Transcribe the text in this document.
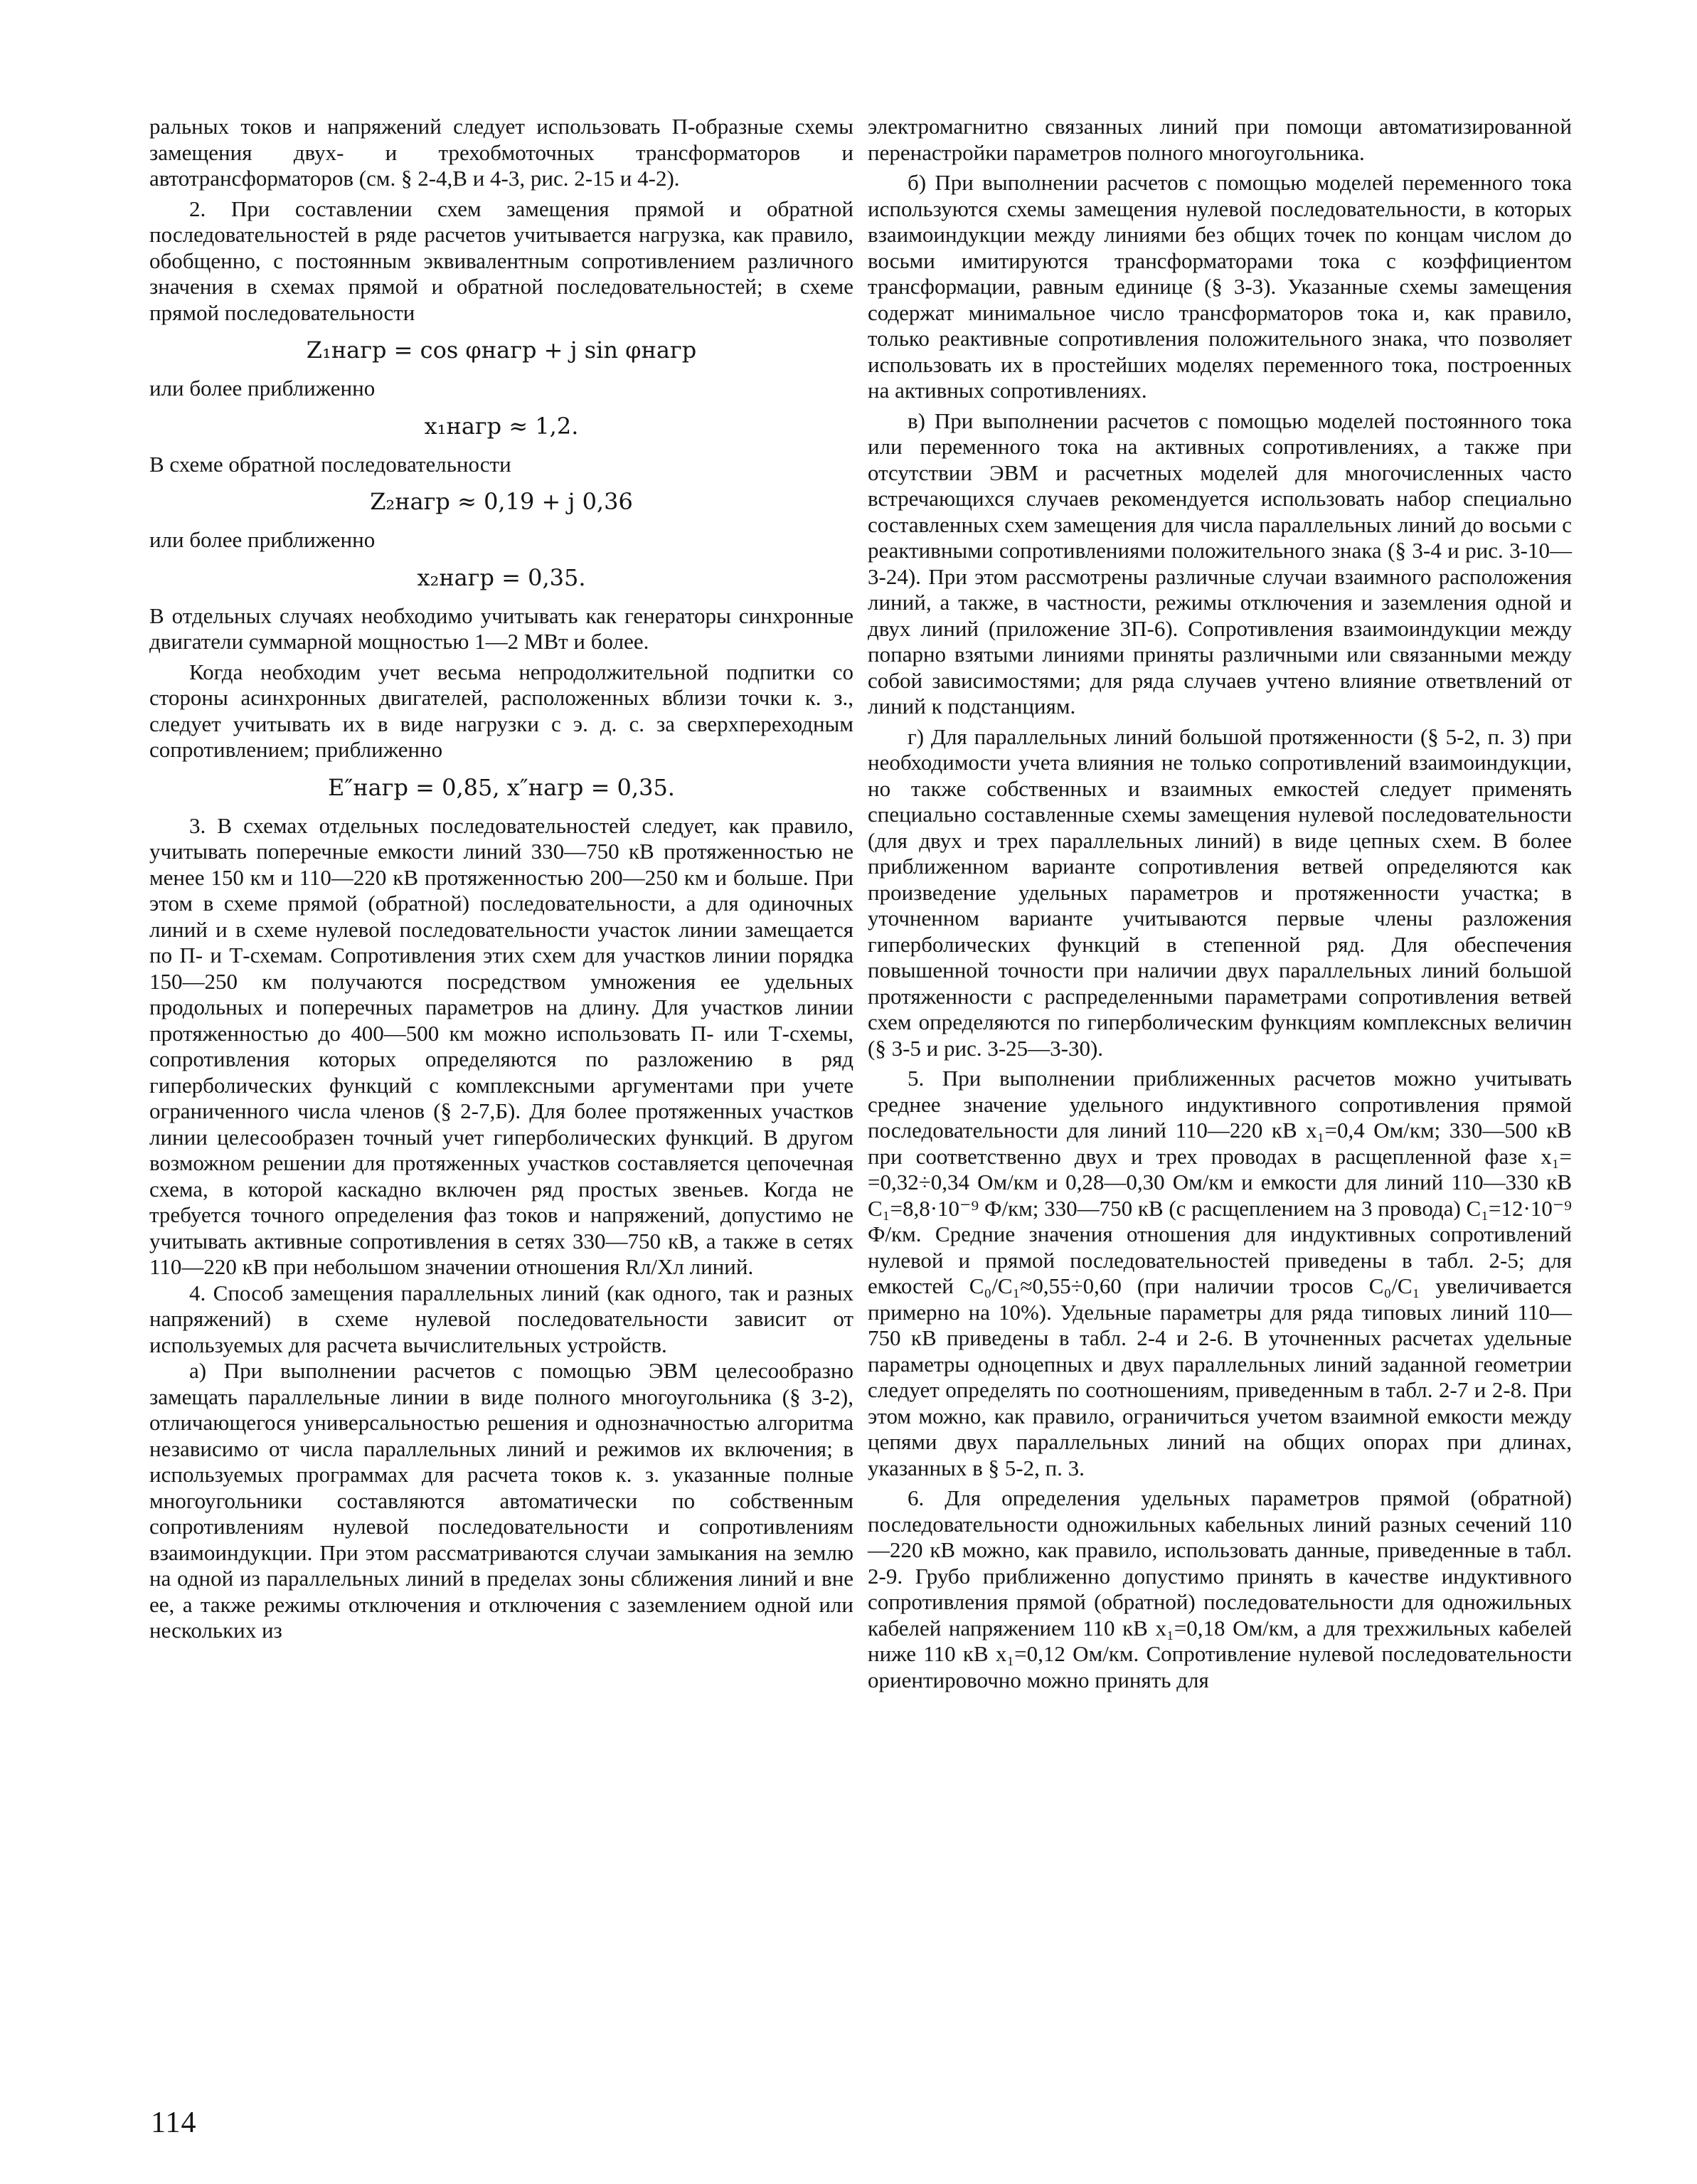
ральных токов и напряжений следует использовать П-образные схемы замещения двух- и трехобмоточных трансформаторов и автотрансформаторов (см. § 2-4,В и 4-3, рис. 2-15 и 4-2).

2. При составлении схем замещения прямой и обратной последовательностей в ряде расчетов учитывается нагрузка, как правило, обобщенно, с постоянным эквивалентным сопротивлением различного значения в схемах прямой и обратной последовательностей; в схеме прямой последовательности

Z₁нагр = cos φнагр + j sin φнагр

или более приближенно

x₁нагр ≈ 1,2.

В схеме обратной последовательности

Z₂нагр ≈ 0,19 + j 0,36

или более приближенно

x₂нагр = 0,35.

В отдельных случаях необходимо учитывать как генераторы синхронные двигатели суммарной мощностью 1—2 МВт и более.

Когда необходим учет весьма непродолжительной подпитки со стороны асинхронных двигателей, расположенных вблизи точки к. з., следует учитывать их в виде нагрузки с э. д. с. за сверхпереходным сопротивлением; приближенно

E″нагр = 0,85, x″нагр = 0,35.

3. В схемах отдельных последовательностей следует, как правило, учитывать поперечные емкости линий 330—750 кВ протяженностью не менее 150 км и 110—220 кВ протяженностью 200—250 км и больше. При этом в схеме прямой (обратной) последовательности, а для одиночных линий и в схеме нулевой последовательности участок линии замещается по П- и Т-схемам. Сопротивления этих схем для участков линии порядка 150—250 км получаются посредством умножения ее удельных продольных и поперечных параметров на длину. Для участков линии протяженностью до 400—500 км можно использовать П- или Т-схемы, сопротивления которых определяются по разложению в ряд гиперболических функций с комплексными аргументами при учете ограниченного числа членов (§ 2-7,Б). Для более протяженных участков линии целесообразен точный учет гиперболических функций. В другом возможном решении для протяженных участков составляется цепочечная схема, в которой каскадно включен ряд простых звеньев. Когда не требуется точного определения фаз токов и напряжений, допустимо не учитывать активные сопротивления в сетях 330—750 кВ, а также в сетях 110—220 кВ при небольшом значении отношения Rл/Xл линий.

4. Способ замещения параллельных линий (как одного, так и разных напряжений) в схеме нулевой последовательности зависит от используемых для расчета вычислительных устройств.

а) При выполнении расчетов с помощью ЭВМ целесообразно замещать параллельные линии в виде полного многоугольника (§ 3-2), отличающегося универсальностью решения и однозначностью алгоритма независимо от числа параллельных линий и режимов их включения; в используемых программах для расчета токов к. з. указанные полные многоугольники составляются автоматически по собственным сопротивлениям нулевой последовательности и сопротивлениям взаимоиндукции. При этом рассматриваются случаи замыкания на землю на одной из параллельных линий в пределах зоны сближения линий и вне ее, а также режимы отключения и отключения с заземлением одной или нескольких из

электромагнитно связанных линий при помощи автоматизированной перенастройки параметров полного многоугольника.

б) При выполнении расчетов с помощью моделей переменного тока используются схемы замещения нулевой последовательности, в которых взаимоиндукции между линиями без общих точек по концам числом до восьми имитируются трансформаторами тока с коэффициентом трансформации, равным единице (§ 3-3). Указанные схемы замещения содержат минимальное число трансформаторов тока и, как правило, только реактивные сопротивления положительного знака, что позволяет использовать их в простейших моделях переменного тока, построенных на активных сопротивлениях.

в) При выполнении расчетов с помощью моделей постоянного тока или переменного тока на активных сопротивлениях, а также при отсутствии ЭВМ и расчетных моделей для многочисленных часто встречающихся случаев рекомендуется использовать набор специально составленных схем замещения для числа параллельных линий до восьми с реактивными сопротивлениями положительного знака (§ 3-4 и рис. 3-10—3-24). При этом рассмотрены различные случаи взаимного расположения линий, а также, в частности, режимы отключения и заземления одной и двух линий (приложение 3П-6). Сопротивления взаимоиндукции между попарно взятыми линиями приняты различными или связанными между собой зависимостями; для ряда случаев учтено влияние ответвлений от линий к подстанциям.

г) Для параллельных линий большой протяженности (§ 5-2, п. 3) при необходимости учета влияния не только сопротивлений взаимоиндукции, но также собственных и взаимных емкостей следует применять специально составленные схемы замещения нулевой последовательности (для двух и трех параллельных линий) в виде цепных схем. В более приближенном варианте сопротивления ветвей определяются как произведение удельных параметров и протяженности участка; в уточненном варианте учитываются первые члены разложения гиперболических функций в степенной ряд. Для обеспечения повышенной точности при наличии двух параллельных линий большой протяженности с распределенными параметрами сопротивления ветвей схем определяются по гиперболическим функциям комплексных величин (§ 3-5 и рис. 3-25—3-30).

5. При выполнении приближенных расчетов можно учитывать среднее значение удельного индуктивного сопротивления прямой последовательности для линий 110—220 кВ x₁=0,4 Ом/км; 330—500 кВ при соответственно двух и трех проводах в расщепленной фазе x₁= =0,32÷0,34 Ом/км и 0,28—0,30 Ом/км и емкости для линий 110—330 кВ C₁=8,8·10⁻⁹ Ф/км; 330—750 кВ (с расщеплением на 3 провода) C₁=12·10⁻⁹ Ф/км. Средние значения отношения для индуктивных сопротивлений нулевой и прямой последовательностей приведены в табл. 2-5; для емкостей C₀/C₁≈0,55÷0,60 (при наличии тросов C₀/C₁ увеличивается примерно на 10%). Удельные параметры для ряда типовых линий 110—750 кВ приведены в табл. 2-4 и 2-6. В уточненных расчетах удельные параметры одноцепных и двух параллельных линий заданной геометрии следует определять по соотношениям, приведенным в табл. 2-7 и 2-8. При этом можно, как правило, ограничиться учетом взаимной емкости между цепями двух параллельных линий на общих опорах при длинах, указанных в § 5-2, п. 3.

6. Для определения удельных параметров прямой (обратной) последовательности одножильных кабельных линий разных сечений 110—220 кВ можно, как правило, использовать данные, приведенные в табл. 2-9. Грубо приближенно допустимо принять в качестве индуктивного сопротивления прямой (обратной) последовательности для одножильных кабелей напряжением 110 кВ x₁=0,18 Ом/км, а для трехжильных кабелей ниже 110 кВ x₁=0,12 Ом/км. Сопротивление нулевой последовательности ориентировочно можно принять для

114
